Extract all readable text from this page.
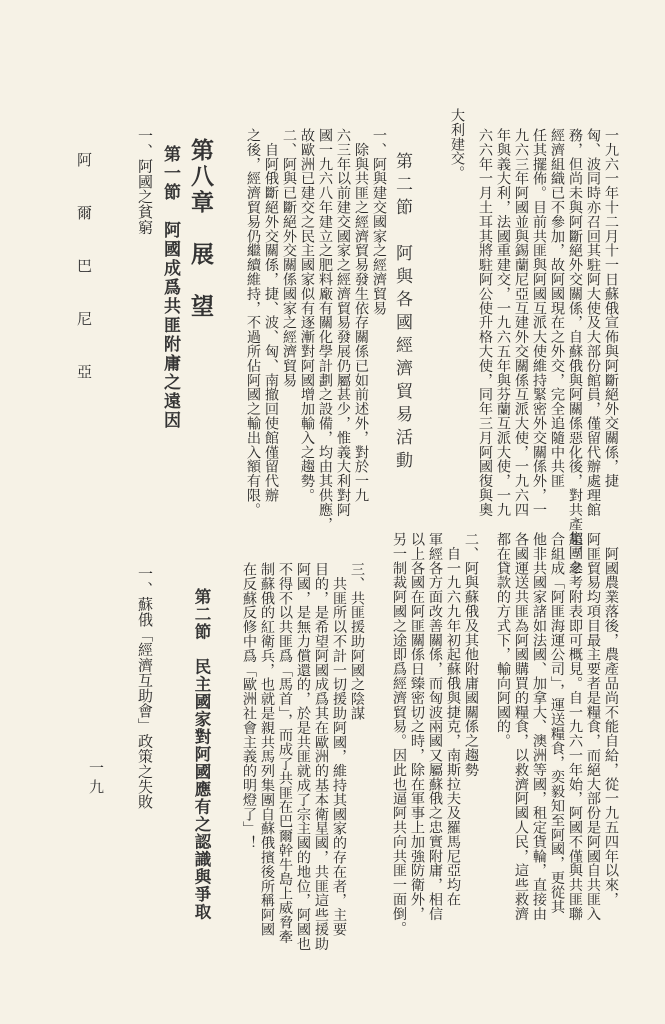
一九六一年十二月十一日蘇俄宣佈與阿斷絕外交關係，捷
匈、波同時亦召回其駐阿大使及大部份館員，僅留代辦處理館
務，但尚未與阿斷絕外交關係，自蘇俄與阿關係惡化後，對共產集團之
經濟組織已不參加，故阿國現在之外交，完全追隨中共匪
任其擺佈。目前共匪與阿國互派大使維持緊密外交關係外，一
九六三年阿國並與錫蘭尼亞互建外交關係互派大使，一九六四
年與義大利，法國重建交，一九六五年與芬蘭互派大使，一九
六六年一月土耳其將駐阿公使升格大使，同年三月阿國復與奧
大利建交。
第二節　阿與各國經濟貿易活動
一、阿與建交國家之經濟貿易
　除與共匪之經濟貿易發生依存關係已如前述外，對於一九
六三年以前建交國家之經濟貿易發展仍屬甚少，惟義大利對阿
國一九六八年建立之肥料廠有關化學計劃之設備，均由其供應，
故歐洲已建交之民主國家似有逐漸對阿國增加輸入之趨勢。
二、阿與已斷絕外交關係國家之經濟貿易
　自阿俄斷絕外交關係，捷、波、匈、南撤回使館僅留代辦
之後，經濟貿易仍繼續維持，不過所佔阿國之輸出入額有限。
第八章　展　望
第一節　阿國成爲共匪附庸之遠因
一、阿國之貧窮
阿 爾 巴 尼 亞
　阿國農業落後，農產品尚不能自給，從一九五四年以來，
阿匪貿易均項目最主要者是糧食，而絕大部份是阿國自共匪入
超，參考附表即可概見。自一九六一年始，阿國不僅與共匪聯
合組成「阿匪海運公司」，運送糧食，奕毅知至阿國，更從其
他非共國家諸如法國、加拿大、澳洲等國，租定貨輪，直接由
各國運送共匪為阿國購買的糧食，以救濟阿國人民，這些救濟
都在貸款的方式下，輸向阿國的。
二、阿與蘇俄及其他附庸國關係之趨勢
　自一九六九年初起蘇俄與捷克，南斯拉夫及羅馬尼亞均在
軍經各方面改善關係，而匈波兩國又屬蘇俄之忠實附庸，相信
以上各國在阿匪關係日臻密切之時，除在軍事上加強防衛外，
另一制裁阿國之途即爲經濟貿易。因此也逼阿共向共匪一面倒。
三、共匪援助阿國之陰謀
　共匪所以不計一切援助阿國，維持其國家的存在者，主要
目的，是希望阿國成爲其在歐洲的基本衛星國，共匪這些援助
阿國，是無力償還的，於是共匪就成了宗主國的地位，阿國也
不得不以共匪爲「馬首」，而成了共匪在巴爾幹牛島上威脅牽
制蘇俄的紅衛兵，也就是親共馬列集團自蘇俄擯後所稱阿國
在反蘇反修中爲「歐洲社會主義的明燈了」！
第二節　民主國家對阿國應有之認識與爭取
一、蘇俄「經濟互助會」政策之失敗
一九
